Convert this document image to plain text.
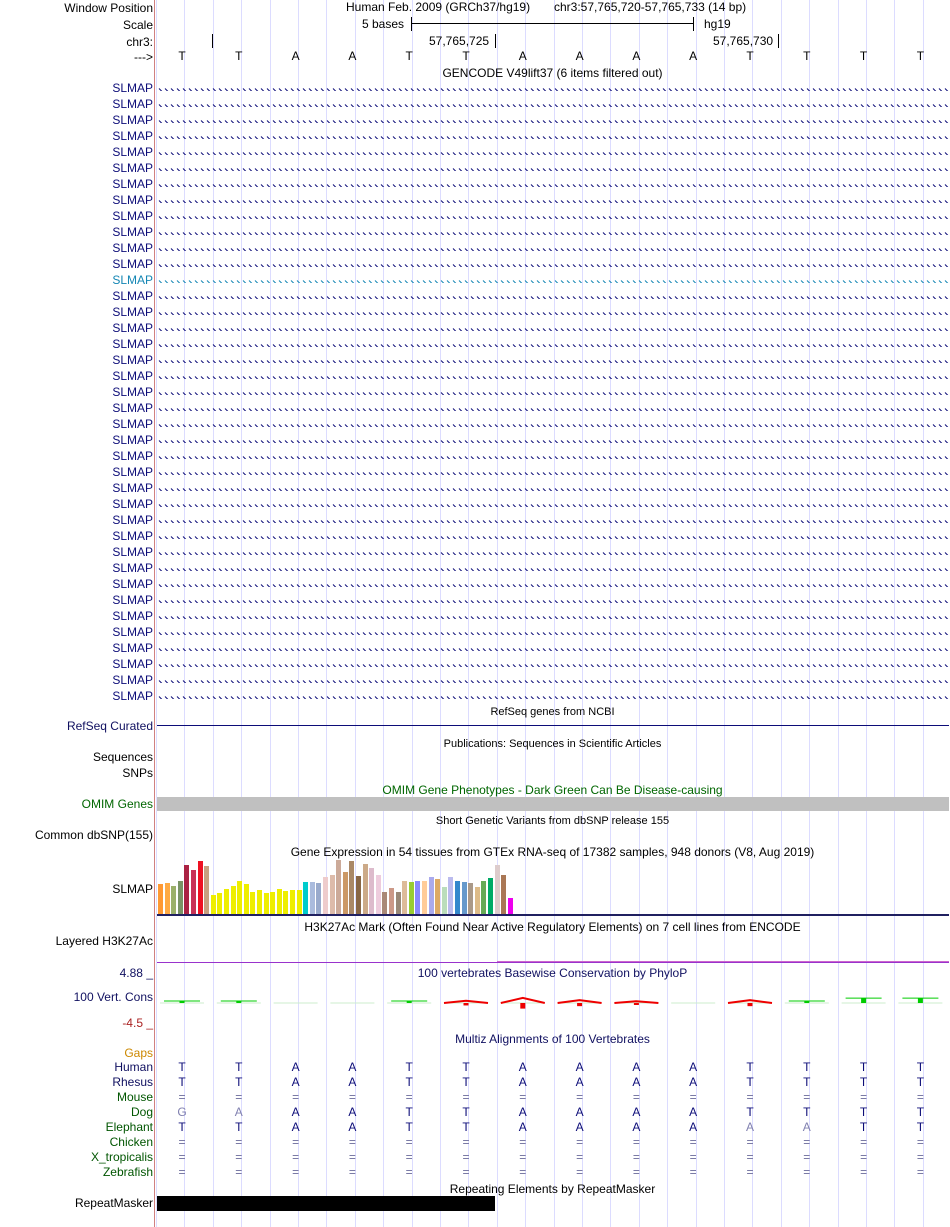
Window Position	Human Feb. 2009 (GRCh37/hg19) chr3:57,765,720-57,765,733 (14 bp)
Scale	5 bases	hg19
chr3:	57,765,725	57,765,730
--->	T	T	A	A	T	T	A	A	A	A	T	T	T	T
GENCODE V49lift37 (6 items filtered out)
SLMAP
SLMAP
SLMAP
SLMAP
SLMAP
SLMAP
SLMAP
SLMAP
SLMAP
SLMAP
SLMAP
SLMAP
SLMAP
SLMAP
SLMAP
SLMAP
SLMAP
SLMAP
SLMAP
SLMAP
SLMAP
SLMAP
SLMAP
SLMAP
SLMAP
SLMAP
SLMAP
SLMAP
SLMAP
SLMAP
SLMAP
SLMAP
SLMAP
SLMAP
SLMAP
SLMAP
SLMAP
SLMAP
SLMAP
RefSeq genes from NCBI
RefSeq Curated
Publications: Sequences in Scientific Articles
Sequences
SNPs
OMIM Gene Phenotypes - Dark Green Can Be Disease-causing
OMIM Genes
Short Genetic Variants from dbSNP release 155
Common dbSNP(155)
Gene Expression in 54 tissues from GTEx RNA-seq of 17382 samples, 948 donors (V8, Aug 2019)
SLMAP
H3K27Ac Mark (Often Found Near Active Regulatory Elements) on 7 cell lines from ENCODE
Layered H3K27Ac
4.88 _	100 vertebrates Basewise Conservation by PhyloP
100 Vert. Cons
-4.5 _
Multiz Alignments of 100 Vertebrates
Gaps
Human	T	T	A	A	T	T	A	A	A	A	T	T	T	T
Rhesus	T	T	A	A	T	T	A	A	A	A	T	T	T	T
Mouse	=	=	=	=	=	=	=	=	=	=	=	=	=	=
Dog	G	A	A	A	T	T	A	A	A	A	T	T	T	T
Elephant	T	T	A	A	T	T	A	A	A	A	A	A	T	T
Chicken	=	=	=	=	=	=	=	=	=	=	=	=	=	=
X_tropicalis	=	=	=	=	=	=	=	=	=	=	=	=	=	=
Zebrafish	=	=	=	=	=	=	=	=	=	=	=	=	=	=
Repeating Elements by RepeatMasker
RepeatMasker
